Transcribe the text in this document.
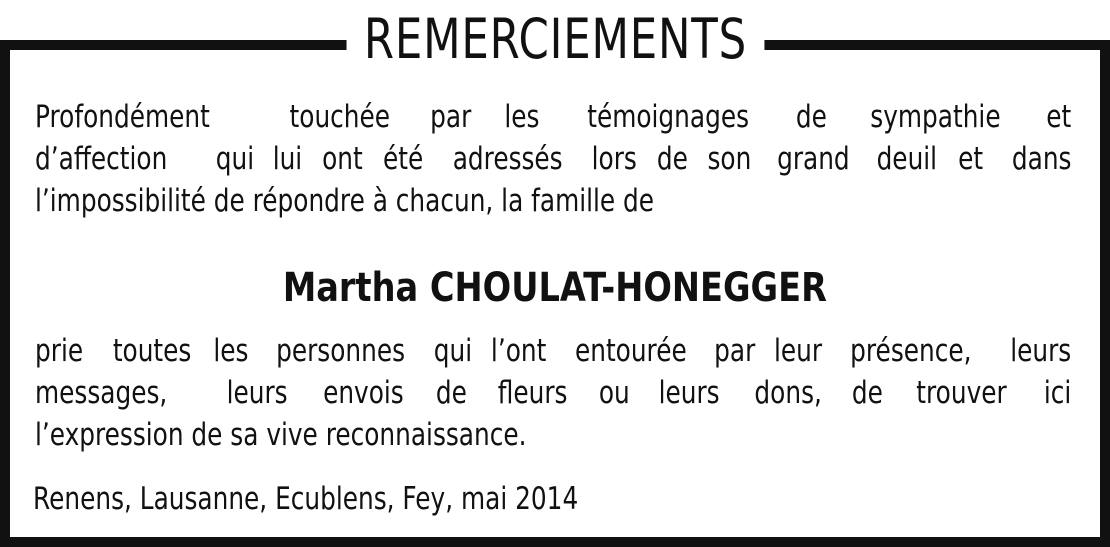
REMERCIEMENTS
Profondément	touchée par les témoignages de sympathie et
d’affection qui lui ont été adressés lors de son grand deuil et dans
l’impossibilité de répondre à chacun, la famille de
Martha CHOULAT-HONEGGER
prie toutes les personnes qui l’ont entourée par leur présence, leurs
messages, leurs envois de fleurs ou leurs dons, de trouver ici
l’expression de sa vive reconnaissance.
Renens, Lausanne, Ecublens, Fey, mai 2014
